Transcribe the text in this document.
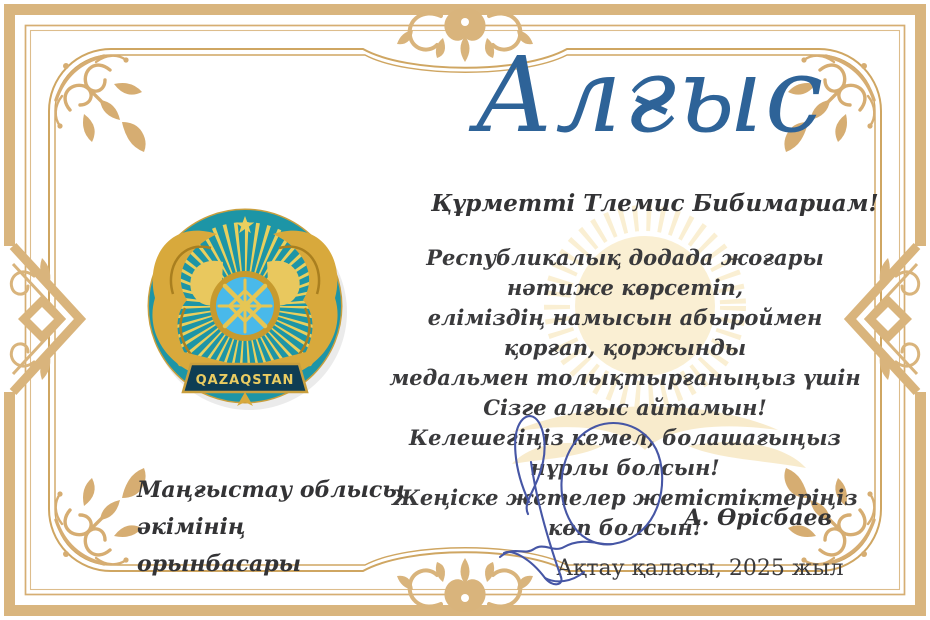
QAZAQSTAN
Алғыс
Құрметті Тлемис Бибимариам!
Республикалық додада жоғары нәтиже көрсетіп,
еліміздің намысын абыроймен қорғап, қоржынды
медальмен толықтырғаныңыз үшін
Сізге алғыс айтамын!
Келешегіңіз кемел, болашағыңыз нұрлы болсын!
Жеңіске жетелер жетістіктеріңіз көп болсын!
Маңғыстау облысы әкімінің
орынбасары
А. Өрісбаев
Ақтау қаласы, 2025 жыл
